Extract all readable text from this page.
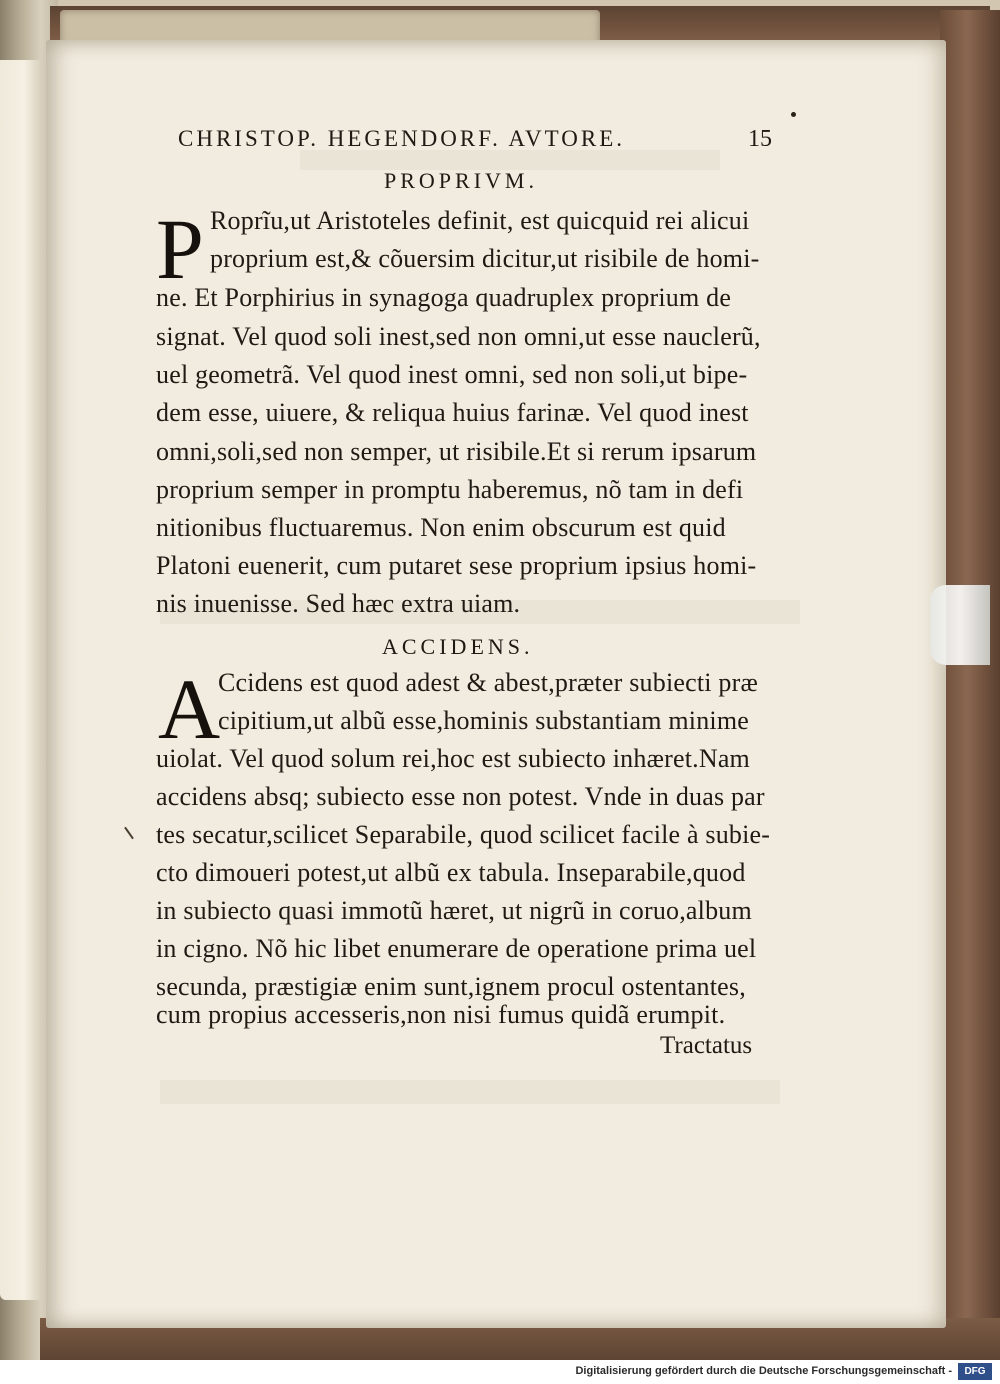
CHRISTOP. HEGENDORF. AVTORE.	15
PROPRIVM.
P Roprĩu,ut Aristoteles definit, est quicquid rei alicui
proprium est,& cõuersim dicitur,ut risibile de homi-
ne. Et Porphirius in synagoga quadruplex proprium de
signat. Vel quod soli inest,sed non omni,ut esse nauclerũ,
uel geometrã. Vel quod inest omni, sed non soli,ut bipe-
dem esse, uiuere, & reliqua huius farinæ. Vel quod inest
omni,soli,sed non semper, ut risibile.Et si rerum ipsarum
proprium semper in promptu haberemus, nõ tam in defi
nitionibus fluctuaremus. Non enim obscurum est quid
Platoni euenerit, cum putaret sese proprium ipsius homi-
nis inuenisse. Sed hæc extra uiam.
ACCIDENS.
A
Ccidens est quod adest & abest,præter subiecti præ
cipitium,ut albũ esse,hominis substantiam minime
uiolat. Vel quod solum rei,hoc est subiecto inhæret.Nam
accidens absq; subiecto esse non potest. Vnde in duas par
tes secatur,scilicet Separabile, quod scilicet facile à subie-
cto dimoueri potest,ut albũ ex tabula. Inseparabile,quod
in subiecto quasi immotũ hæret, ut nigrũ in coruo,album
in cigno. Nõ hic libet enumerare de operatione prima uel
secunda, præstigiæ enim sunt,ignem procul ostentantes,
cum propius accesseris,non nisi fumus quidã erumpit.
Tractatus
Digitalisierung gefördert durch die Deutsche Forschungsgemeinschaft -	DFG
